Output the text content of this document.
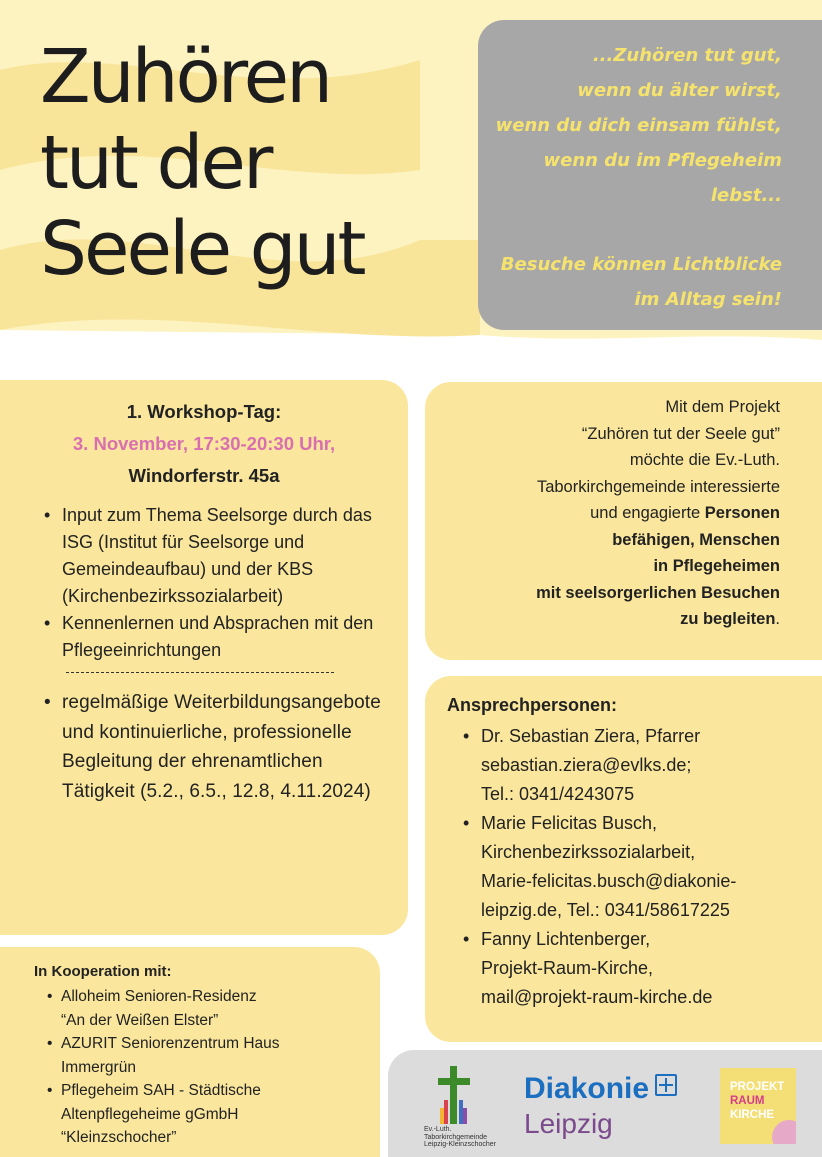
Zuhören
tut der
Seele gut
...Zuhören tut gut,
wenn du älter wirst,
wenn du dich einsam fühlst,
wenn du im Pflegeheim
lebst...
Besuche können Lichtblicke
im Alltag sein!
1. Workshop-Tag:
3. November, 17:30-20:30 Uhr,
Windorferstr. 45a
• Input zum Thema Seelsorge durch das ISG (Institut für Seelsorge und Gemeindeaufbau) und der KBS (Kirchenbezirkssozialarbeit)
• Kennenlernen und Absprachen mit den Pflegeeinrichtungen
• regelmäßige Weiterbildungsangebote und kontinuierliche, professionelle Begleitung der ehrenamtlichen Tätigkeit (5.2., 6.5., 12.8, 4.11.2024)
Mit dem Projekt
“Zuhören tut der Seele gut”
möchte die Ev.-Luth.
Taborkirchgemeinde interessierte
und engagierte Personen
befähigen, Menschen
in Pflegeheimen
mit seelsorgerlichen Besuchen
zu begleiten.
Ansprechpersonen:
• Dr. Sebastian Ziera, Pfarrer
sebastian.ziera@evlks.de;
Tel.: 0341/4243075
• Marie Felicitas Busch,
Kirchenbezirkssozialarbeit,
Marie-felicitas.busch@diakonie-
leipzig.de, Tel.: 0341/58617225
• Fanny Lichtenberger,
Projekt-Raum-Kirche,
mail@projekt-raum-kirche.de
In Kooperation mit:
• Alloheim Senioren-Residenz
“An der Weißen Elster”
• AZURIT Seniorenzentrum Haus
Immergrün
• Pflegeheim SAH - Städtische
Altenpflegeheime gGmbH
“Kleinzschocher”	Ev.-Luth.
Taborkirchgemeinde
Leipzig-Kleinzschocher
Diakonie
Leipzig
PROJEKT
RAUM
KIRCHE
